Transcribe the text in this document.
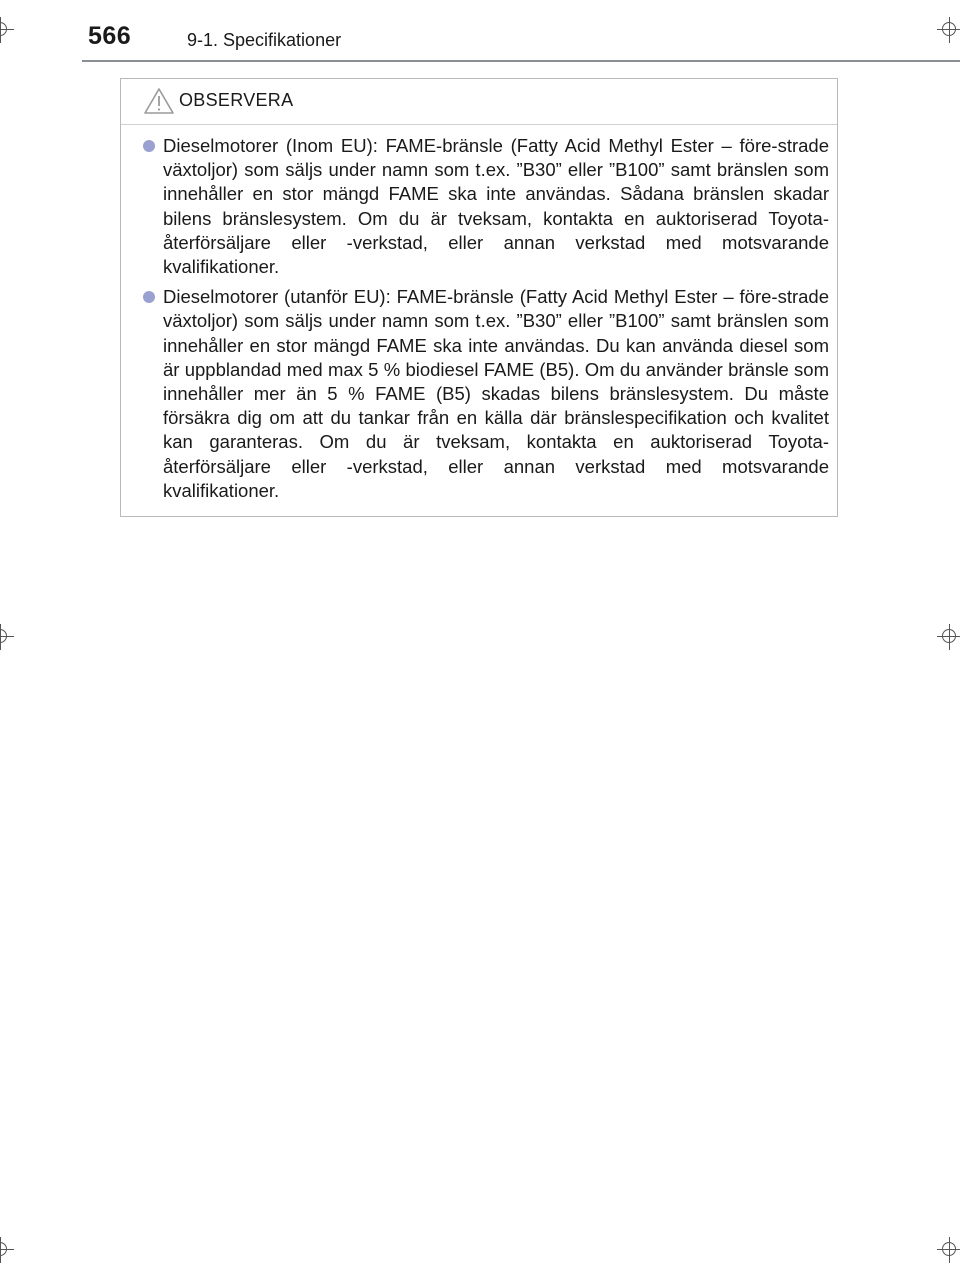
566	9-1. Specifikationer
OBSERVERA
Dieselmotorer (Inom EU): FAME-bränsle (Fatty Acid Methyl Ester – före-strade växtoljor) som säljs under namn som t.ex. ”B30” eller ”B100” samt bränslen som innehåller en stor mängd FAME ska inte användas. Sådana bränslen skadar bilens bränslesystem. Om du är tveksam, kontakta en auktoriserad Toyota-återförsäljare eller -verkstad, eller annan verkstad med motsvarande kvalifikationer.
Dieselmotorer (utanför EU): FAME-bränsle (Fatty Acid Methyl Ester – före-strade växtoljor) som säljs under namn som t.ex. ”B30” eller ”B100” samt bränslen som innehåller en stor mängd FAME ska inte användas. Du kan använda diesel som är uppblandad med max 5 % biodiesel FAME (B5). Om du använder bränsle som innehåller mer än 5 % FAME (B5) skadas bilens bränslesystem. Du måste försäkra dig om att du tankar från en källa där bränslespecifikation och kvalitet kan garanteras. Om du är tveksam, kontakta en auktoriserad Toyota-återförsäljare eller -verkstad, eller annan verkstad med motsvarande kvalifikationer.
